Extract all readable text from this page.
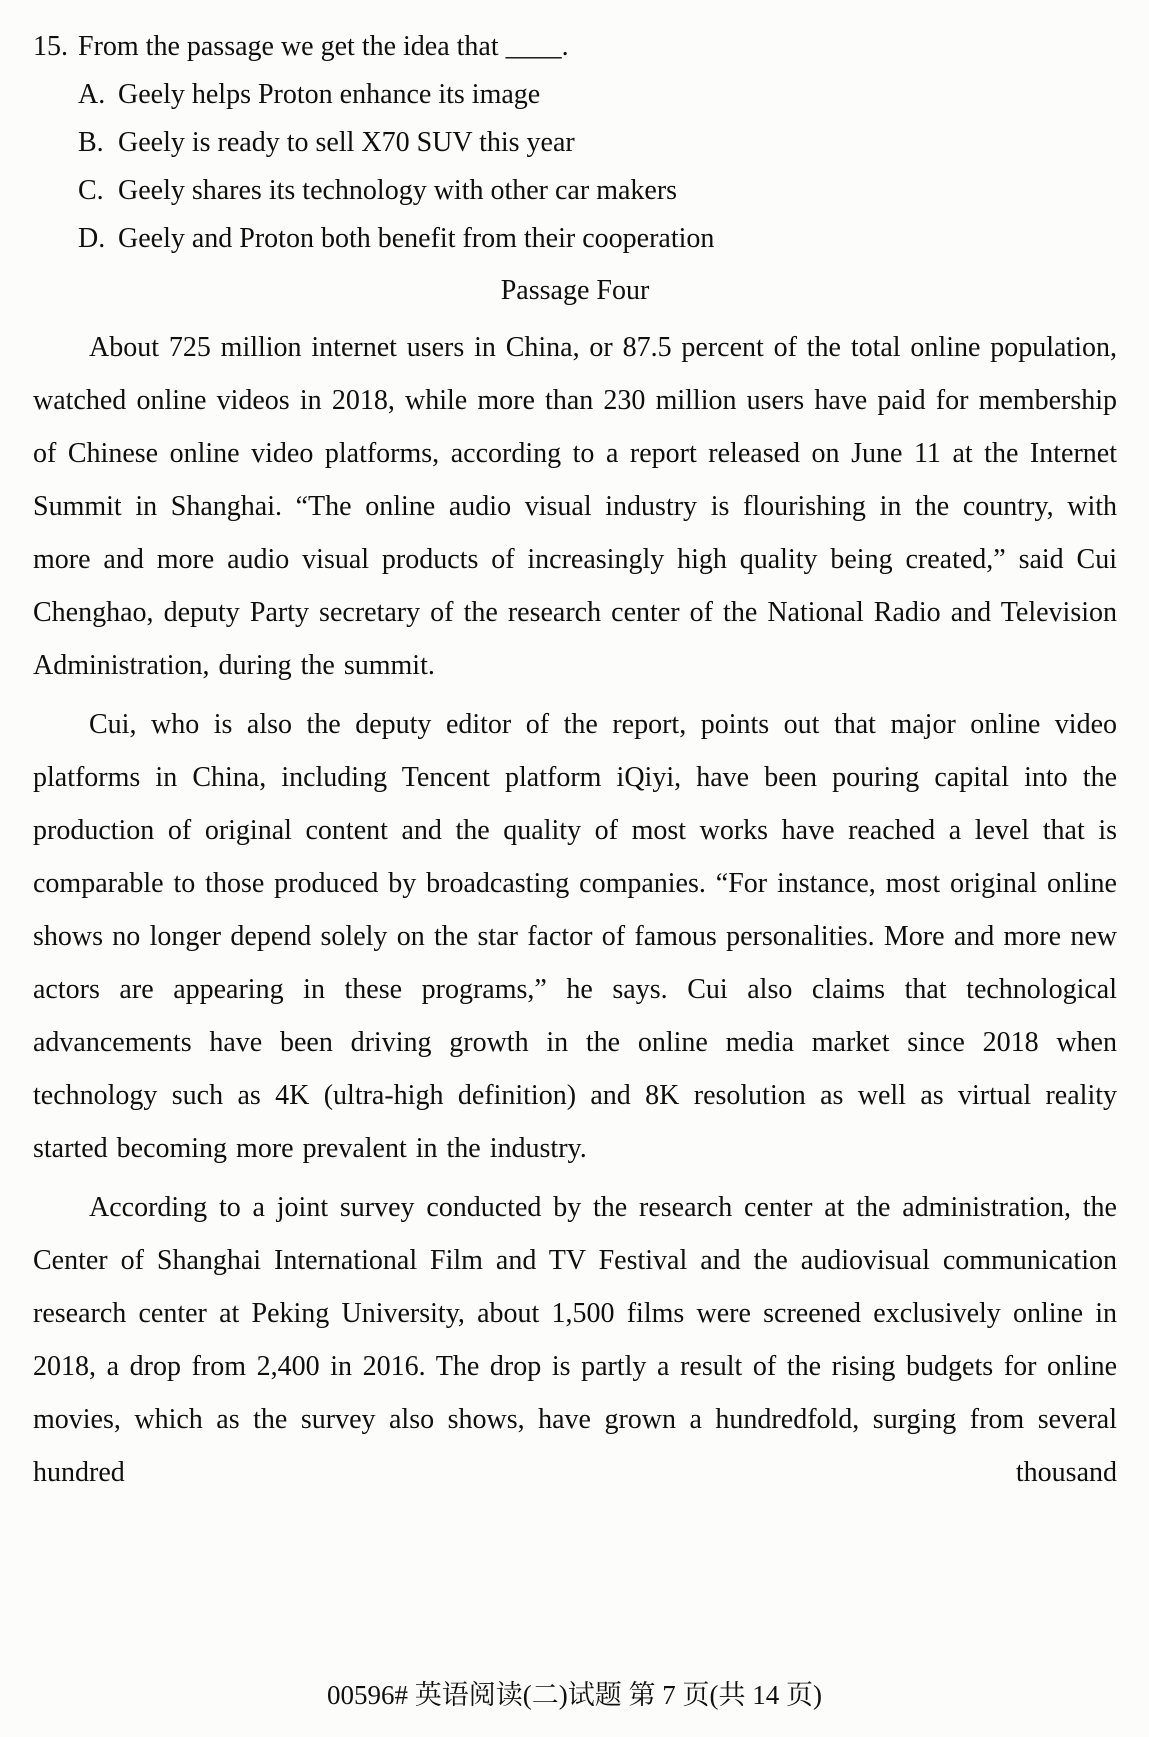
15. From the passage we get the idea that ____.
A. Geely helps Proton enhance its image
B. Geely is ready to sell X70 SUV this year
C. Geely shares its technology with other car makers
D. Geely and Proton both benefit from their cooperation
Passage Four

About 725 million internet users in China, or 87.5 percent of the total online population, watched online videos in 2018, while more than 230 million users have paid for membership of Chinese online video platforms, according to a report released on June 11 at the Internet Summit in Shanghai. “The online audio visual industry is flourishing in the country, with more and more audio visual products of increasingly high quality being created,” said Cui Chenghao, deputy Party secretary of the research center of the National Radio and Television Administration, during the summit.

Cui, who is also the deputy editor of the report, points out that major online video platforms in China, including Tencent platform iQiyi, have been pouring capital into the production of original content and the quality of most works have reached a level that is comparable to those produced by broadcasting companies. “For instance, most original online shows no longer depend solely on the star factor of famous personalities. More and more new actors are appearing in these programs,” he says. Cui also claims that technological advancements have been driving growth in the online media market since 2018 when technology such as 4K (ultra-high definition) and 8K resolution as well as virtual reality started becoming more prevalent in the industry.

According to a joint survey conducted by the research center at the administration, the Center of Shanghai International Film and TV Festival and the audiovisual communication research center at Peking University, about 1,500 films were screened exclusively online in 2018, a drop from 2,400 in 2016. The drop is partly a result of the rising budgets for online movies, which as the survey also shows, have grown a hundredfold, surging from several hundred thousand

00596# 英语阅读(二)试题 第 7 页(共 14 页)
